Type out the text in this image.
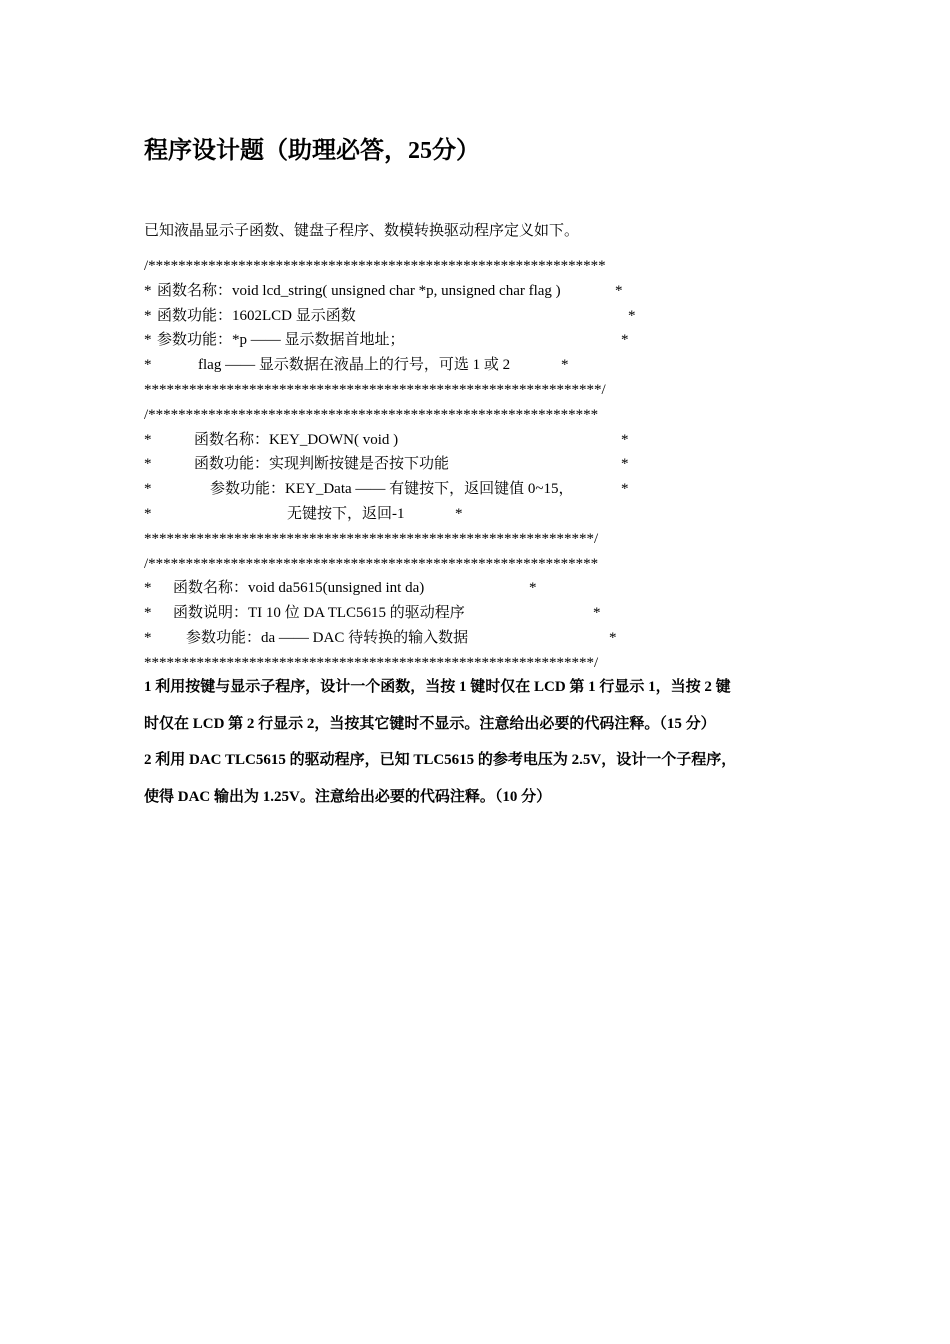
程序设计题（助理必答，25分）
已知液晶显示子函数、键盘子程序、数模转换驱动程序定义如下。
/*************************************************************
* 函数名称：void lcd_string( unsigned char *p, unsigned char flag )	*
* 函数功能：1602LCD 显示函数	*
* 参数功能：*p —— 显示数据首地址；	*
*	flag —— 显示数据在液晶上的行号，可选 1 或 2	*
*************************************************************/
/************************************************************
*	函数名称：KEY_DOWN( void )	*
*	函数功能：实现判断按键是否按下功能	*
*	参数功能：KEY_Data —— 有键按下，返回键值 0~15，	*
*	无键按下，返回-1	*
************************************************************/
/************************************************************
* 函数名称：void da5615(unsigned int da)	*
* 函数说明：TI 10 位 DA TLC5615 的驱动程序	*
* 参数功能：da —— DAC 待转换的输入数据	*
************************************************************/

1 利用按键与显示子程序，设计一个函数，当按 1 键时仅在 LCD 第 1 行显示 1，当按 2 键

时仅在 LCD 第 2 行显示 2，当按其它键时不显示。注意给出必要的代码注释。（15 分）

2 利用 DAC TLC5615 的驱动程序，已知 TLC5615 的参考电压为 2.5V，设计一个子程序，

使得 DAC 输出为 1.25V。注意给出必要的代码注释。（10 分）
